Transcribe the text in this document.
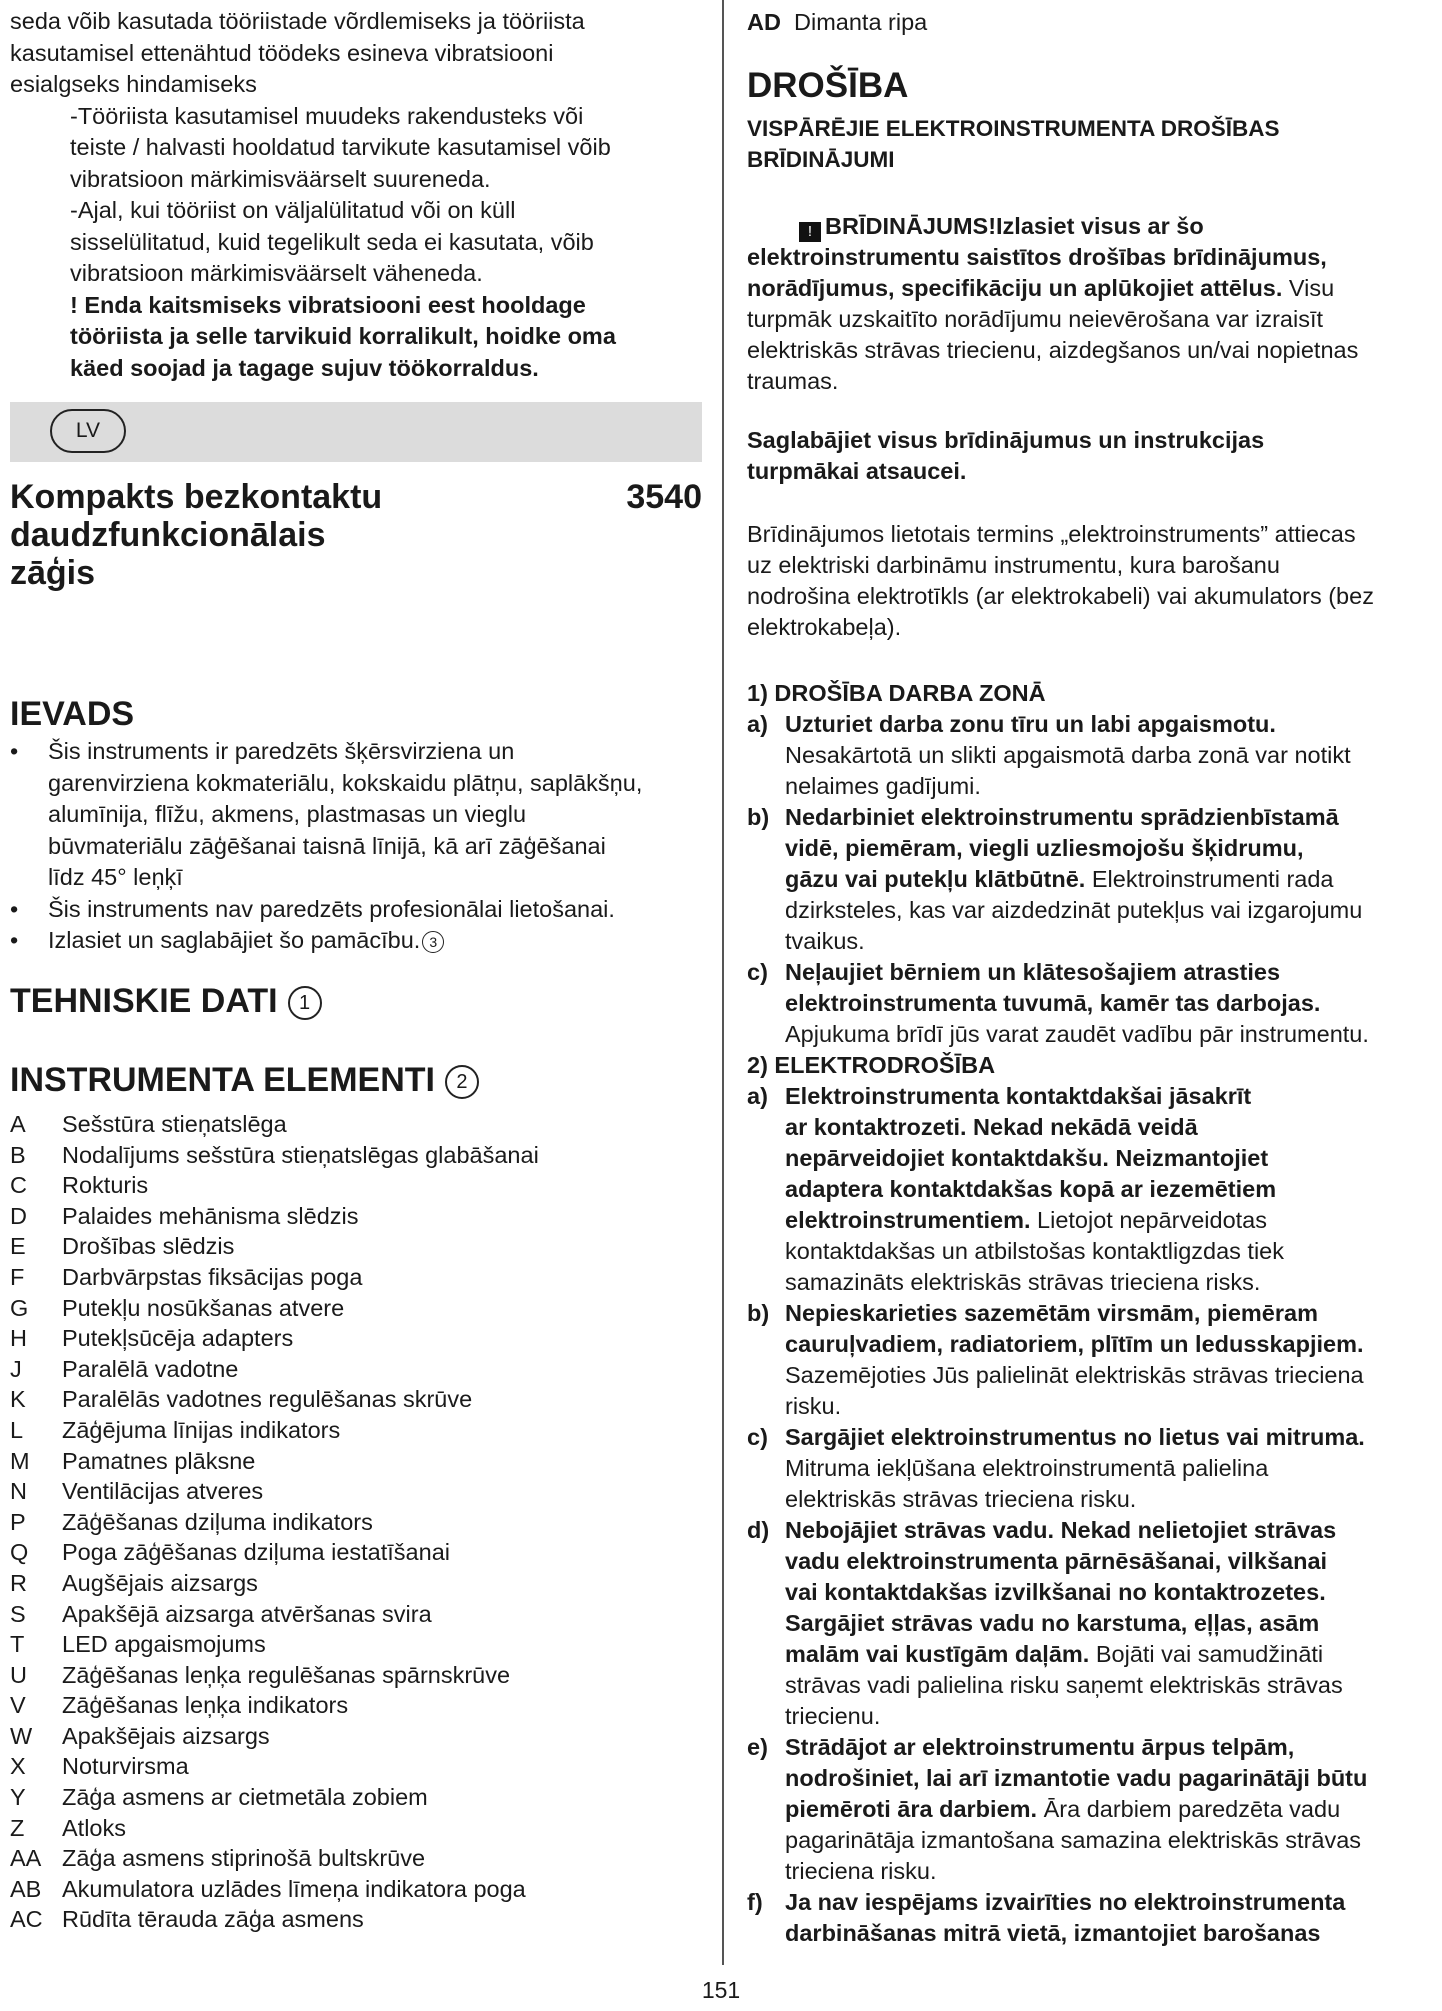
seda võib kasutada tööriistade võrdlemiseks ja tööriista

kasutamisel ettenähtud töödeks esineva vibratsiooni

esialgseks hindamiseks

-Tööriista kasutamisel muudeks rakendusteks või

teiste / halvasti hooldatud tarvikute kasutamisel võib

vibratsioon märkimisväärselt suureneda.

-Ajal, kui tööriist on väljalülitatud või on küll

sisselülitatud, kuid tegelikult seda ei kasutata, võib

vibratsioon märkimisväärselt väheneda.

! Enda kaitsmiseks vibratsiooni eest hooldage

tööriista ja selle tarvikuid korralikult, hoidke oma

käed soojad ja tagage sujuv töökorraldus.

LV

Kompakts bezkontaktu

daudzfunkcionālais

zāģis

3540
IEVADS
• Šis instruments ir paredzēts šķērsvirziena un

garenvirziena kokmateriālu, kokskaidu plātņu, saplākšņu,

alumīnija, flīžu, akmens, plastmasas un vieglu

būvmateriālu zāģēšanai taisnā līnijā, kā arī zāģēšanai

līdz 45° leņķī

• Šis instruments nav paredzēts profesionālai lietošanai.

• Izlasiet un saglabājiet šo pamācību. 3

TEHNISKIE DATI 1
INSTRUMENTA ELEMENTI 2
A	Sešstūra stieņatslēga
B	Nodalījums sešstūra stieņatslēgas glabāšanai
C	Rokturis
D	Palaides mehānisma slēdzis
E	Drošības slēdzis
F	Darbvārpstas fiksācijas poga
G	Putekļu nosūkšanas atvere
H	Putekļsūcēja adapters
J	Paralēlā vadotne
K	Paralēlās vadotnes regulēšanas skrūve
L	Zāģējuma līnijas indikators
M	Pamatnes plāksne
N	Ventilācijas atveres
P	Zāģēšanas dziļuma indikators
Q	Poga zāģēšanas dziļuma iestatīšanai
R	Augšējais aizsargs
S	Apakšējā aizsarga atvēršanas svira
T	LED apgaismojums
U	Zāģēšanas leņķa regulēšanas spārnskrūve
V	Zāģēšanas leņķa indikators
W	Apakšējais aizsargs
X	Noturvirsma
Y	Zāģa asmens ar cietmetāla zobiem
Z	Atloks
AA Zāģa asmens stiprinošā bultskrūve
AB Akumulatora uzlādes līmeņa indikatora poga
AC Rūdīta tērauda zāģa asmens
AD Dimanta ripa
DROŠĪBA

VISPĀRĒJIE ELEKTROINSTRUMENTA DROŠĪBAS

BRĪDINĀJUMI

! BRĪDINĀJUMS!Izlasiet visus ar šo

elektroinstrumentu saistītos drošības brīdinājumus,

norādījumus, specifikāciju un aplūkojiet attēlus. Visu

turpmāk uzskaitīto norādījumu neievērošana var izraisīt

elektriskās strāvas triecienu, aizdegšanos un/vai nopietnas

traumas.

Saglabājiet visus brīdinājumus un instrukcijas

turpmākai atsaucei.

Brīdinājumos lietotais termins „elektroinstruments” attiecas

uz elektriski darbināmu instrumentu, kura barošanu

nodrošina elektrotīkls (ar elektrokabeli) vai akumulators (bez

elektrokabeļa).

1) DROŠĪBA DARBA ZONĀ
a) Uzturiet darba zonu tīru un labi apgaismotu.

Nesakārtotā un slikti apgaismotā darba zonā var notikt

nelaimes gadījumi.

b) Nedarbiniet elektroinstrumentu sprādzienbīstamā

vidē, piemēram, viegli uzliesmojošu šķidrumu,

gāzu vai putekļu klātbūtnē. Elektroinstrumenti rada

dzirksteles, kas var aizdedzināt putekļus vai izgarojumu

tvaikus.

c) Neļaujiet bērniem un klātesošajiem atrasties

elektroinstrumenta tuvumā, kamēr tas darbojas.

Apjukuma brīdī jūs varat zaudēt vadību pār instrumentu.

2) ELEKTRODROŠĪBA
a) Elektroinstrumenta kontaktdakšai jāsakrīt

ar kontaktrozeti. Nekad nekādā veidā

nepārveidojiet kontaktdakšu. Neizmantojiet

adaptera kontaktdakšas kopā ar iezemētiem

elektroinstrumentiem. Lietojot nepārveidotas

kontaktdakšas un atbilstošas kontaktligzdas tiek

samazināts elektriskās strāvas trieciena risks.

b) Nepieskarieties sazemētām virsmām, piemēram

cauruļvadiem, radiatoriem, plītīm un ledusskapjiem.

Sazemējoties Jūs palielināt elektriskās strāvas trieciena

risku.

c) Sargājiet elektroinstrumentus no lietus vai mitruma.

Mitruma iekļūšana elektroinstrumentā palielina

elektriskās strāvas trieciena risku.

d) Nebojājiet strāvas vadu. Nekad nelietojiet strāvas

vadu elektroinstrumenta pārnēsāšanai, vilkšanai

vai kontaktdakšas izvilkšanai no kontaktrozetes.

Sargājiet strāvas vadu no karstuma, eļļas, asām

malām vai kustīgām daļām. Bojāti vai samudžināti

strāvas vadi palielina risku saņemt elektriskās strāvas

triecienu.

e) Strādājot ar elektroinstrumentu ārpus telpām,

nodrošiniet, lai arī izmantotie vadu pagarinātāji būtu

piemēroti āra darbiem. Āra darbiem paredzēta vadu

pagarinātāja izmantošana samazina elektriskās strāvas

trieciena risku.

f) Ja nav iespējams izvairīties no elektroinstrumenta

darbināšanas mitrā vietā, izmantojiet barošanas

151
